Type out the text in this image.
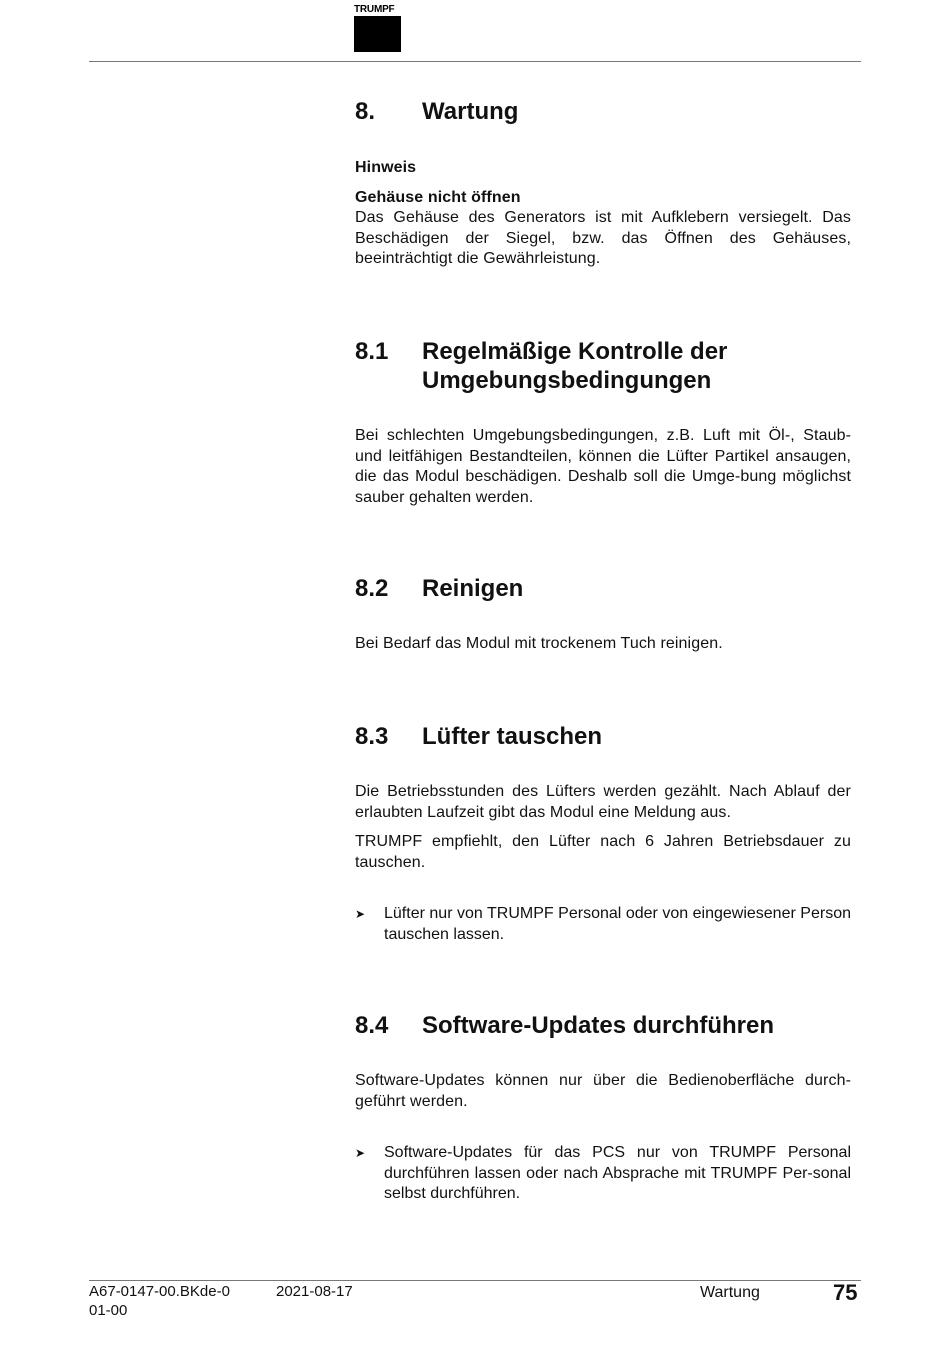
TRUMPF
8. Wartung
Hinweis
Gehäuse nicht öffnen
Das Gehäuse des Generators ist mit Aufklebern versiegelt. Das Beschädigen der Siegel, bzw. das Öffnen des Gehäuses, beeinträchtigt die Gewährleistung.
8.1 Regelmäßige Kontrolle der Umgebungsbedingungen
Bei schlechten Umgebungsbedingungen, z.B. Luft mit Öl-, Staub- und leitfähigen Bestandteilen, können die Lüfter Partikel ansaugen, die das Modul beschädigen. Deshalb soll die Umge-bung möglichst sauber gehalten werden.
8.2 Reinigen
Bei Bedarf das Modul mit trockenem Tuch reinigen.
8.3 Lüfter tauschen
Die Betriebsstunden des Lüfters werden gezählt. Nach Ablauf der erlaubten Laufzeit gibt das Modul eine Meldung aus.
TRUMPF empfiehlt, den Lüfter nach 6 Jahren Betriebsdauer zu tauschen.
➤ Lüfter nur von TRUMPF Personal oder von eingewiesener Person tauschen lassen.
8.4 Software-Updates durchführen
Software-Updates können nur über die Bedienoberfläche durch-geführt werden.
➤ Software-Updates für das PCS nur von TRUMPF Personal durchführen lassen oder nach Absprache mit TRUMPF Per-sonal selbst durchführen.
A67-0147-00.BKde-0 01-00
2021-08-17	Wartung	75
